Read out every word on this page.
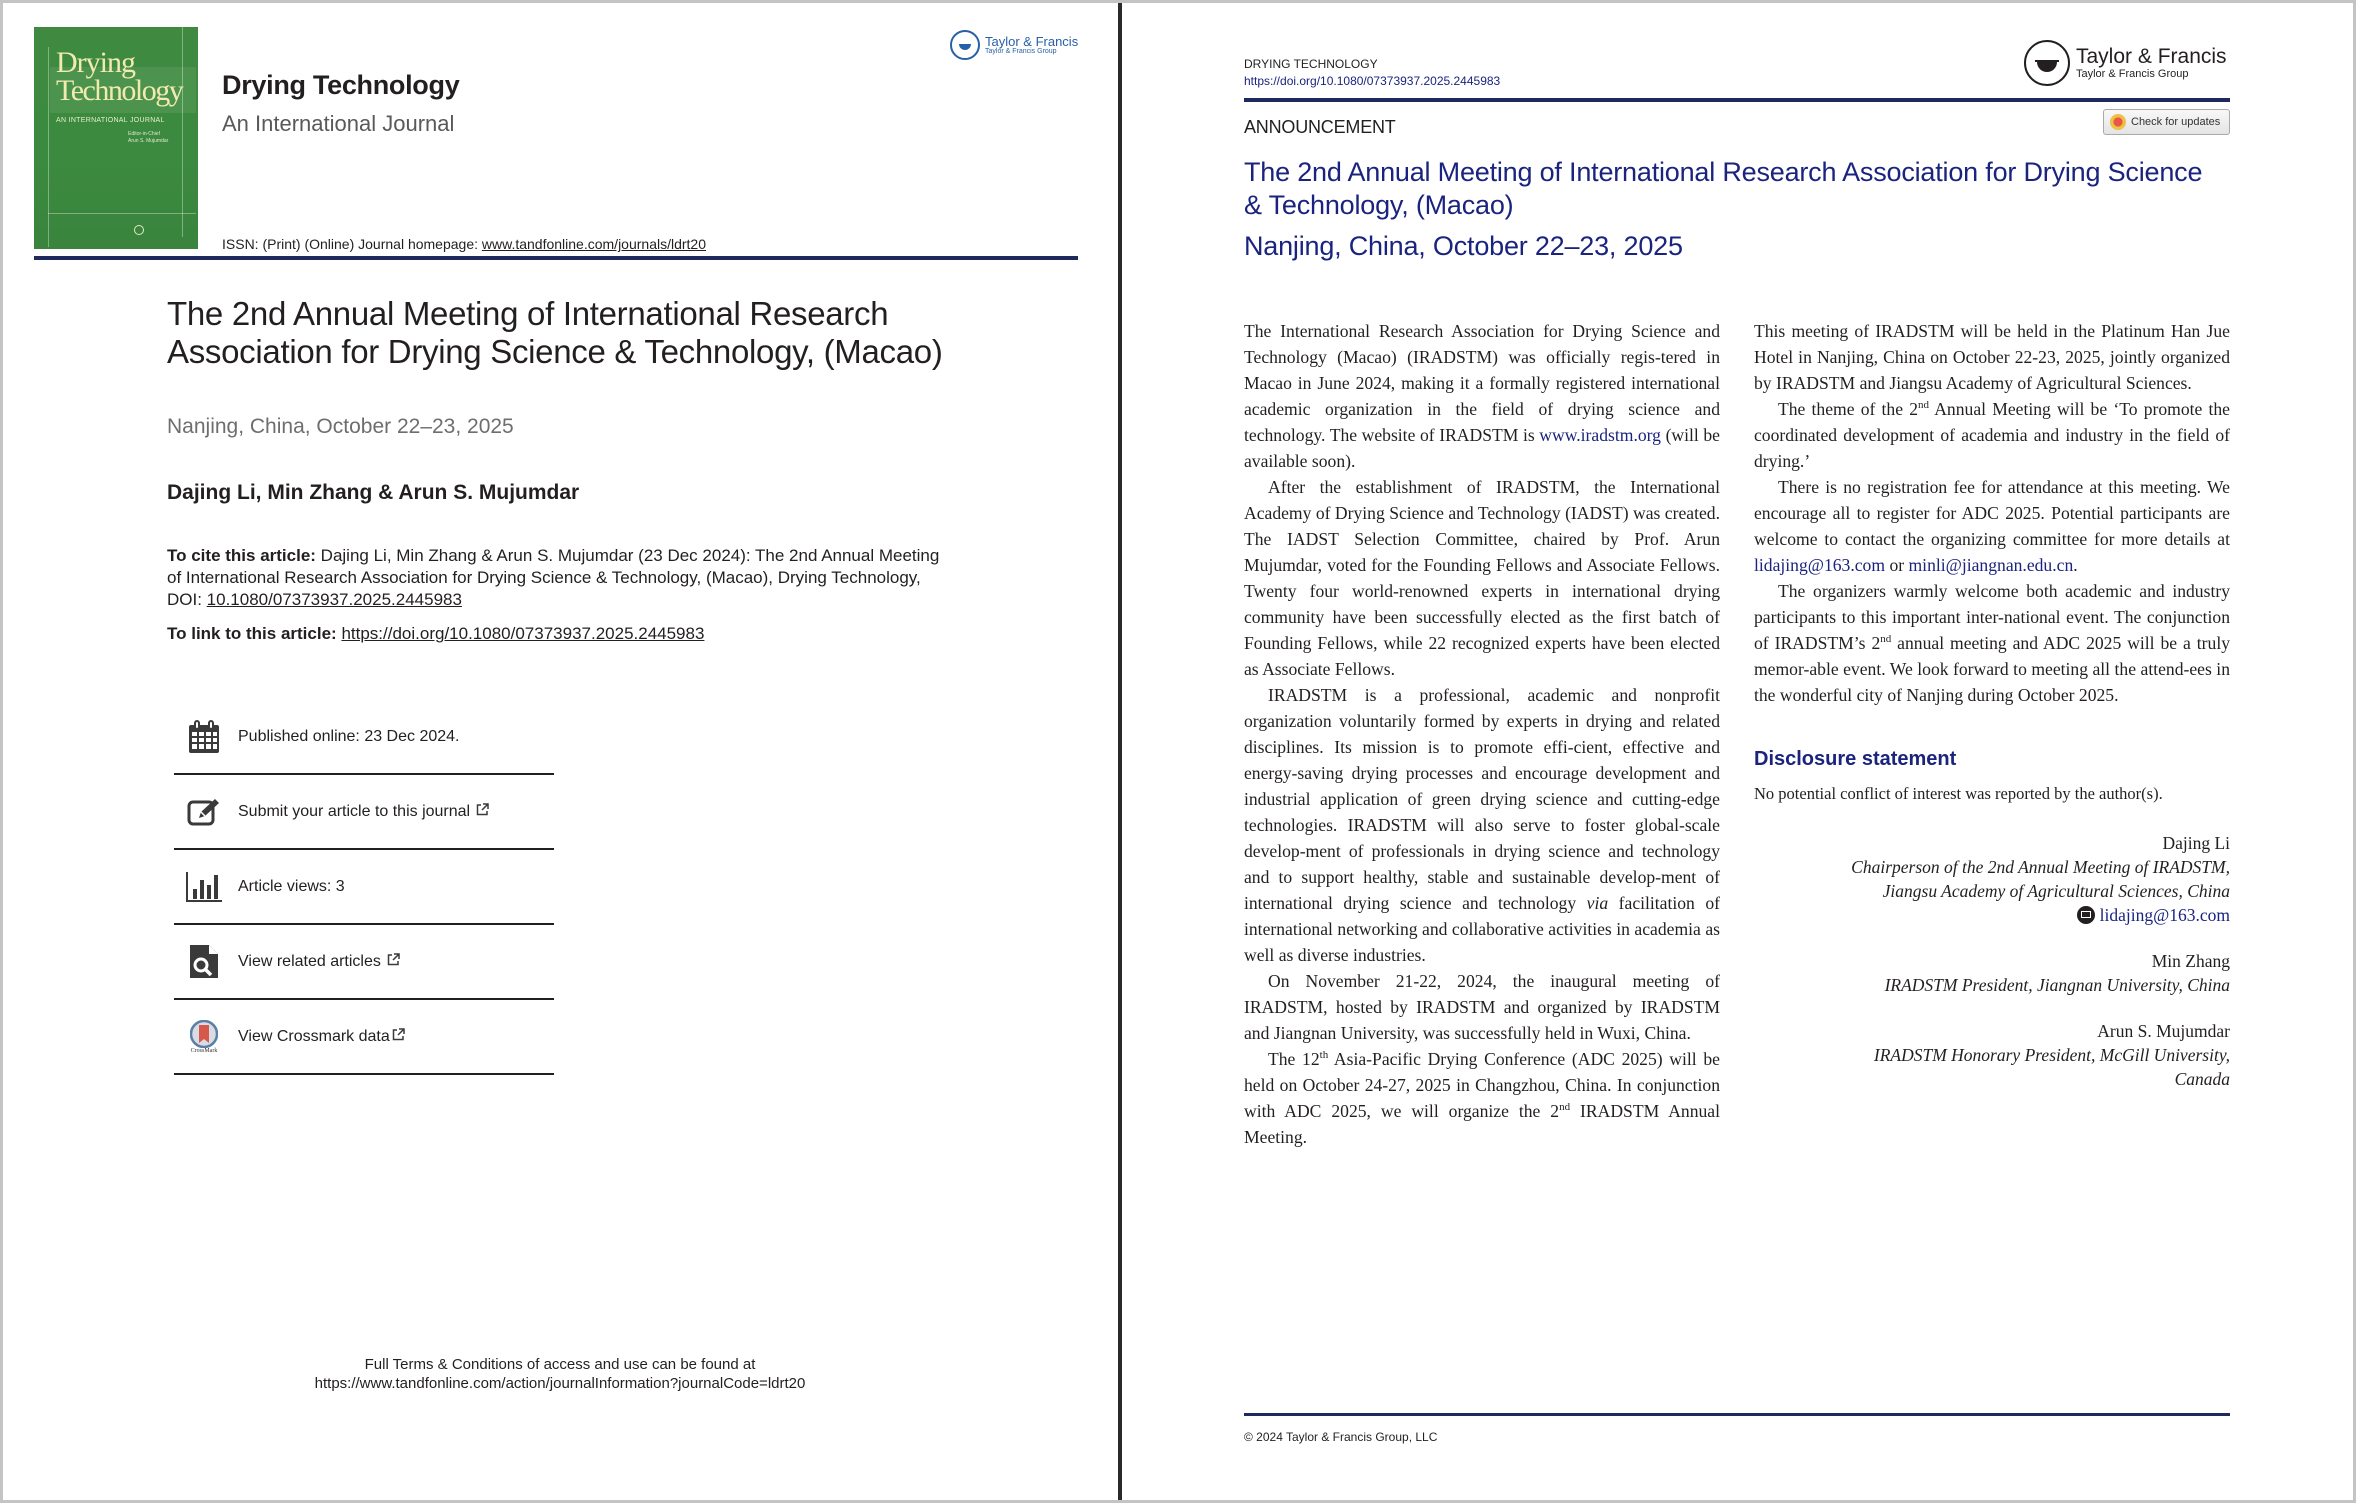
Drying
Technology
AN INTERNATIONAL JOURNAL
Editor-in-Chief
Arun S. Mujumdar
Drying Technology
An International Journal
ISSN: (Print) (Online) Journal homepage: www.tandfonline.com/journals/ldrt20
Taylor & Francis
Taylor & Francis Group
The 2nd Annual Meeting of International Research Association for Drying Science & Technology, (Macao)
Nanjing, China, October 22–23, 2025
Dajing Li, Min Zhang & Arun S. Mujumdar
To cite this article: Dajing Li, Min Zhang & Arun S. Mujumdar (23 Dec 2024): The 2nd Annual Meeting of International Research Association for Drying Science & Technology, (Macao), Drying Technology, DOI: 10.1080/07373937.2025.2445983
To link to this article: https://doi.org/10.1080/07373937.2025.2445983
Published online: 23 Dec 2024.
Submit your article to this journal
Article views: 3
View related articles
CrossMark
View Crossmark data
Full Terms & Conditions of access and use can be found at
https://www.tandfonline.com/action/journalInformation?journalCode=ldrt20
DRYING TECHNOLOGY
https://doi.org/10.1080/07373937.2025.2445983
Taylor & Francis
Taylor & Francis Group
ANNOUNCEMENT	Check for updates
The 2nd Annual Meeting of International Research Association for Drying Science & Technology, (Macao)
Nanjing, China, October 22–23, 2025

The International Research Association for Drying Science and Technology (Macao) (IRADSTM) was officially regis-tered in Macao in June 2024, making it a formally registered international academic organization in the field of drying science and technology. The website of IRADSTM is www.iradstm.org (will be available soon).

After the establishment of IRADSTM, the International Academy of Drying Science and Technology (IADST) was created. The IADST Selection Committee, chaired by Prof. Arun Mujumdar, voted for the Founding Fellows and Associate Fellows. Twenty four world-renowned experts in international drying community have been successfully elected as the first batch of Founding Fellows, while 22 recognized experts have been elected as Associate Fellows.

IRADSTM is a professional, academic and nonprofit organization voluntarily formed by experts in drying and related disciplines. Its mission is to promote effi-cient, effective and energy-saving drying processes and encourage development and industrial application of green drying science and cutting-edge technologies. IRADSTM will also serve to foster global-scale develop-ment of professionals in drying science and technology and to support healthy, stable and sustainable develop-ment of international drying science and technology via facilitation of international networking and collaborative activities in academia as well as diverse industries.

On November 21-22, 2024, the inaugural meeting of IRADSTM, hosted by IRADSTM and organized by IRADSTM and Jiangnan University, was successfully held in Wuxi, China.

The 12th Asia-Pacific Drying Conference (ADC 2025) will be held on October 24-27, 2025 in Changzhou, China. In conjunction with ADC 2025, we will organize the 2nd IRADSTM Annual Meeting.

This meeting of IRADSTM will be held in the Platinum Han Jue Hotel in Nanjing, China on October 22-23, 2025, jointly organized by IRADSTM and Jiangsu Academy of Agricultural Sciences.

The theme of the 2nd Annual Meeting will be ‘To promote the coordinated development of academia and industry in the field of drying.’

There is no registration fee for attendance at this meeting. We encourage all to register for ADC 2025. Potential participants are welcome to contact the organizing committee for more details at lidajing@163.com or minli@jiangnan.edu.cn.

The organizers warmly welcome both academic and industry participants to this important inter-national event. The conjunction of IRADSTM’s 2nd annual meeting and ADC 2025 will be a truly memor-able event. We look forward to meeting all the attend-ees in the wonderful city of Nanjing during October 2025.

Disclosure statement

No potential conflict of interest was reported by the author(s).

Dajing Li
Chairperson of the 2nd Annual Meeting of IRADSTM,
Jiangsu Academy of Agricultural Sciences, China
lidajing@163.com

Min Zhang
IRADSTM President, Jiangnan University, China

Arun S. Mujumdar
IRADSTM Honorary President, McGill University,
Canada

© 2024 Taylor & Francis Group, LLC
